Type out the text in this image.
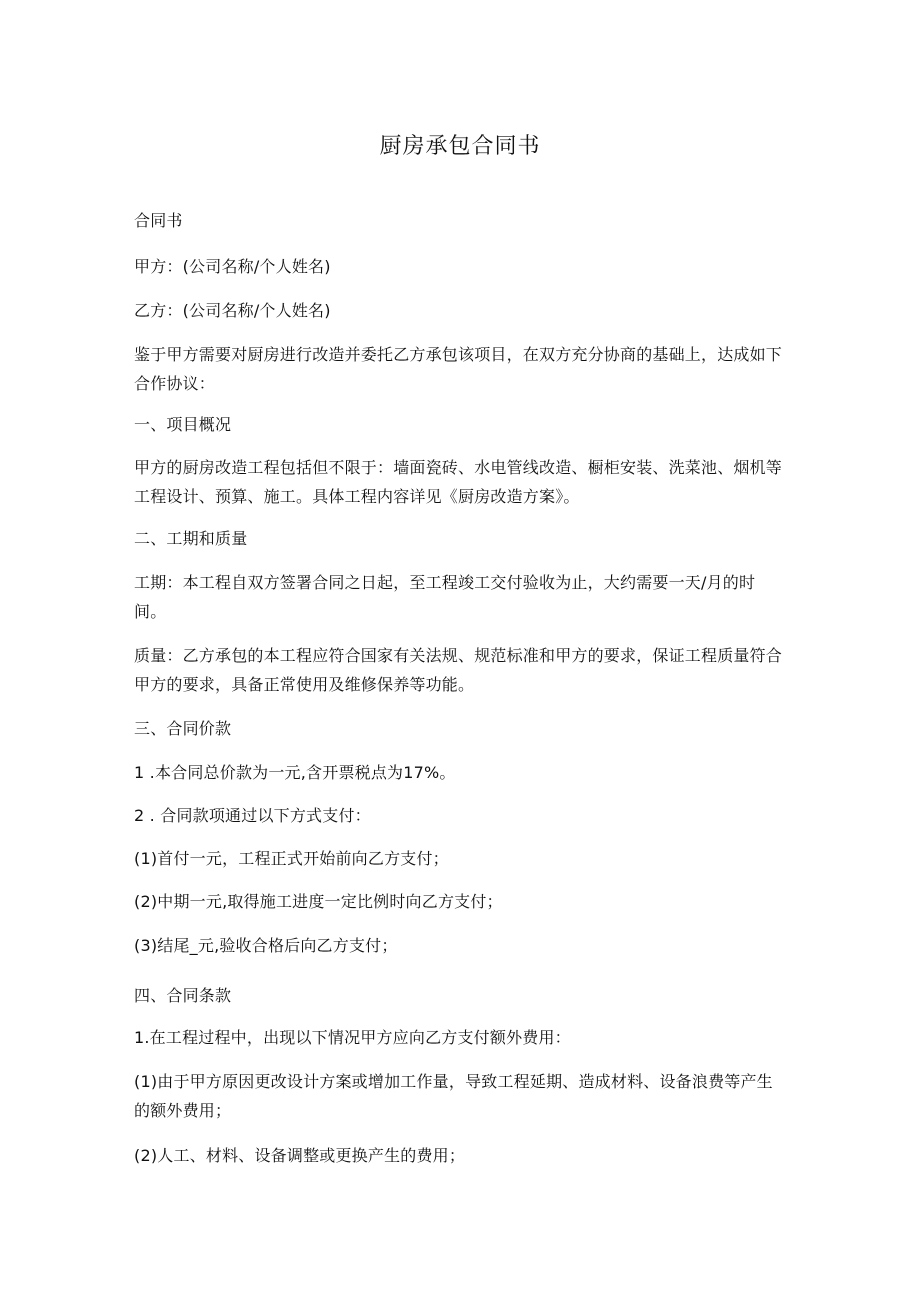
厨房承包合同书
合同书
甲方：(公司名称/个人姓名)
乙方：(公司名称/个人姓名)
鉴于甲方需要对厨房进行改造并委托乙方承包该项目，在双方充分协商的基础上，达成如下合作协议：
一、项目概况
甲方的厨房改造工程包括但不限于：墙面瓷砖、水电管线改造、橱柜安装、洗菜池、烟机等工程设计、预算、施工。具体工程内容详见《厨房改造方案》。
二、工期和质量
工期：本工程自双方签署合同之日起，至工程竣工交付验收为止，大约需要一天/月的时间。
质量：乙方承包的本工程应符合国家有关法规、规范标准和甲方的要求，保证工程质量符合甲方的要求，具备正常使用及维修保养等功能。
三、合同价款
1 .本合同总价款为一元,含开票税点为17%。
2 . 合同款项通过以下方式支付：
(1)首付一元，工程正式开始前向乙方支付；
(2)中期一元,取得施工进度一定比例时向乙方支付；
(3)结尾_元,验收合格后向乙方支付；
四、合同条款
1.在工程过程中，出现以下情况甲方应向乙方支付额外费用：
(1)由于甲方原因更改设计方案或增加工作量，导致工程延期、造成材料、设备浪费等产生的额外费用；
(2)人工、材料、设备调整或更换产生的费用；
